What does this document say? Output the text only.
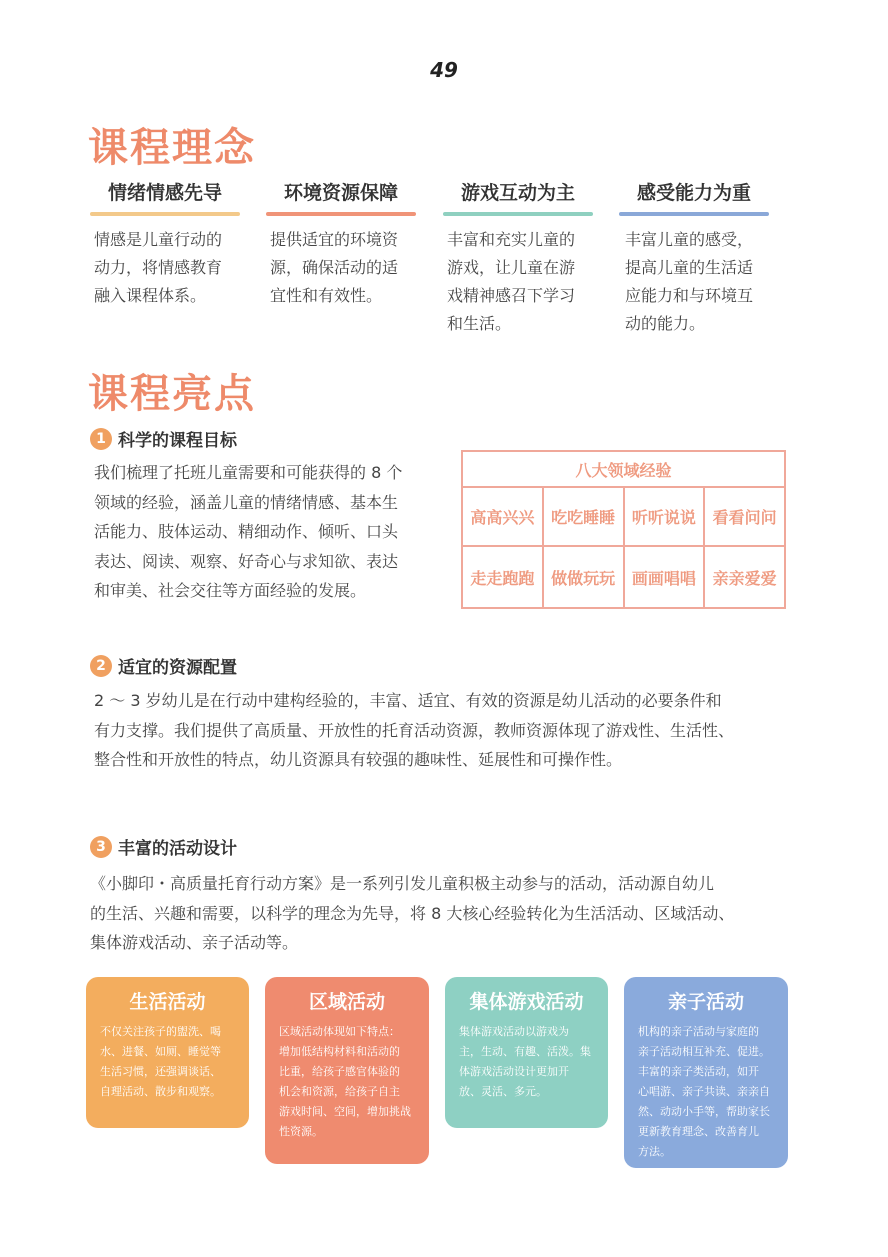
49
课程理念
情绪情感先导
情感是儿童行动的
动力，将情感教育
融入课程体系。
环境资源保障
提供适宜的环境资
源，确保活动的适
宜性和有效性。
游戏互动为主
丰富和充实儿童的
游戏，让儿童在游
戏精神感召下学习
和生活。
感受能力为重
丰富儿童的感受，
提高儿童的生活适
应能力和与环境互
动的能力。
课程亮点
1 科学的课程目标
我们梳理了托班儿童需要和可能获得的 8 个
领域的经验，涵盖儿童的情绪情感、基本生
活能力、肢体运动、精细动作、倾听、口头
表达、阅读、观察、好奇心与求知欲、表达
和审美、社会交往等方面经验的发展。
八大领域经验			
高高兴兴	吃吃睡睡	听听说说	看看问问
走走跑跑	做做玩玩	画画唱唱	亲亲爱爱
2 适宜的资源配置
2 ～ 3 岁幼儿是在行动中建构经验的，丰富、适宜、有效的资源是幼儿活动的必要条件和
有力支撑。我们提供了高质量、开放性的托育活动资源，教师资源体现了游戏性、生活性、
整合性和开放性的特点，幼儿资源具有较强的趣味性、延展性和可操作性。
3 丰富的活动设计
《小脚印・高质量托育行动方案》是一系列引发儿童积极主动参与的活动，活动源自幼儿
的生活、兴趣和需要，以科学的理念为先导，将 8 大核心经验转化为生活活动、区域活动、
集体游戏活动、亲子活动等。
生活活动
不仅关注孩子的盥洗、喝
水、进餐、如厕、睡觉等
生活习惯，还强调谈话、
自理活动、散步和观察。
区域活动
区域活动体现如下特点：
增加低结构材料和活动的
比重，给孩子感官体验的
机会和资源，给孩子自主
游戏时间、空间，增加挑战
性资源。
集体游戏活动
集体游戏活动以游戏为
主，生动、有趣、活泼。集
体游戏活动设计更加开
放、灵活、多元。
亲子活动
机构的亲子活动与家庭的
亲子活动相互补充、促进。
丰富的亲子类活动，如开
心唱游、亲子共读、亲亲自
然、动动小手等，帮助家长
更新教育理念、改善育儿
方法。
